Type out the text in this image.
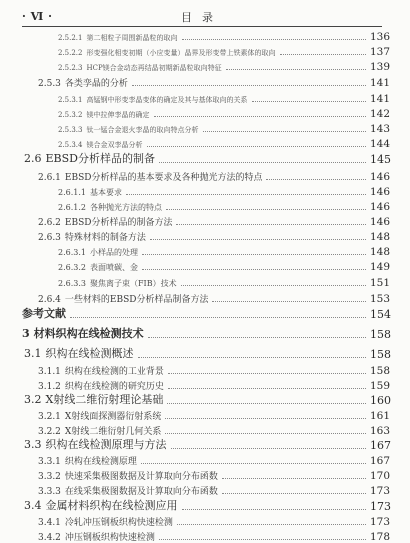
· Ⅵ ·	目录
2.5.2.1 第二相粒子周围新晶粒的取向	136
2.5.2.2 形变强化相变初期（小应变量）晶界及形变带上铁素体的取向	137
2.5.2.3 HCP镁合金动态再结晶初期新晶粒取向特征	139
2.5.3 各类孪晶的分析	141
2.5.3.1 高锰钢中形变孪晶变体的确定及其与基体取向的关系	141
2.5.3.2 镁中拉伸孪晶的确定	142
2.5.3.3 钛一锰合金退火孪晶的取向特点分析	143
2.5.3.4 镁合金双孪晶分析	144
2.6 EBSD分析样品的制备	145
2.6.1 EBSD分析样品的基本要求及各种抛光方法的特点	146
2.6.1.1 基本要求	146
2.6.1.2 各种抛光方法的特点	146
2.6.2 EBSD分析样品的制备方法	146
2.6.3 特殊材料的制备方法	148
2.6.3.1 小样品的处理	148
2.6.3.2 表面喷碳、金	149
2.6.3.3 聚焦离子束（FIB）技术	151
2.6.4 一些材料的EBSD分析样品制备方法	153
参考文献	154
3 材料织构在线检测技术	158
3.1 织构在线检测概述	158
3.1.1 织构在线检测的工业背景	158
3.1.2 织构在线检测的研究历史	159
3.2 X射线二维衍射理论基础	160
3.2.1 X射线面探测器衍射系统	161
3.2.2 X射线二维衍射几何关系	163
3.3 织构在线检测原理与方法	167
3.3.1 织构在线检测原理	167
3.3.2 快速采集极图数据及计算取向分布函数	170
3.3.3 在线采集极图数据及计算取向分布函数	173
3.4 金属材料织构在线检测应用	173
3.4.1 冷轧冲压钢板织构快速检测	173
3.4.2 冲压钢板织构快速检测	178
